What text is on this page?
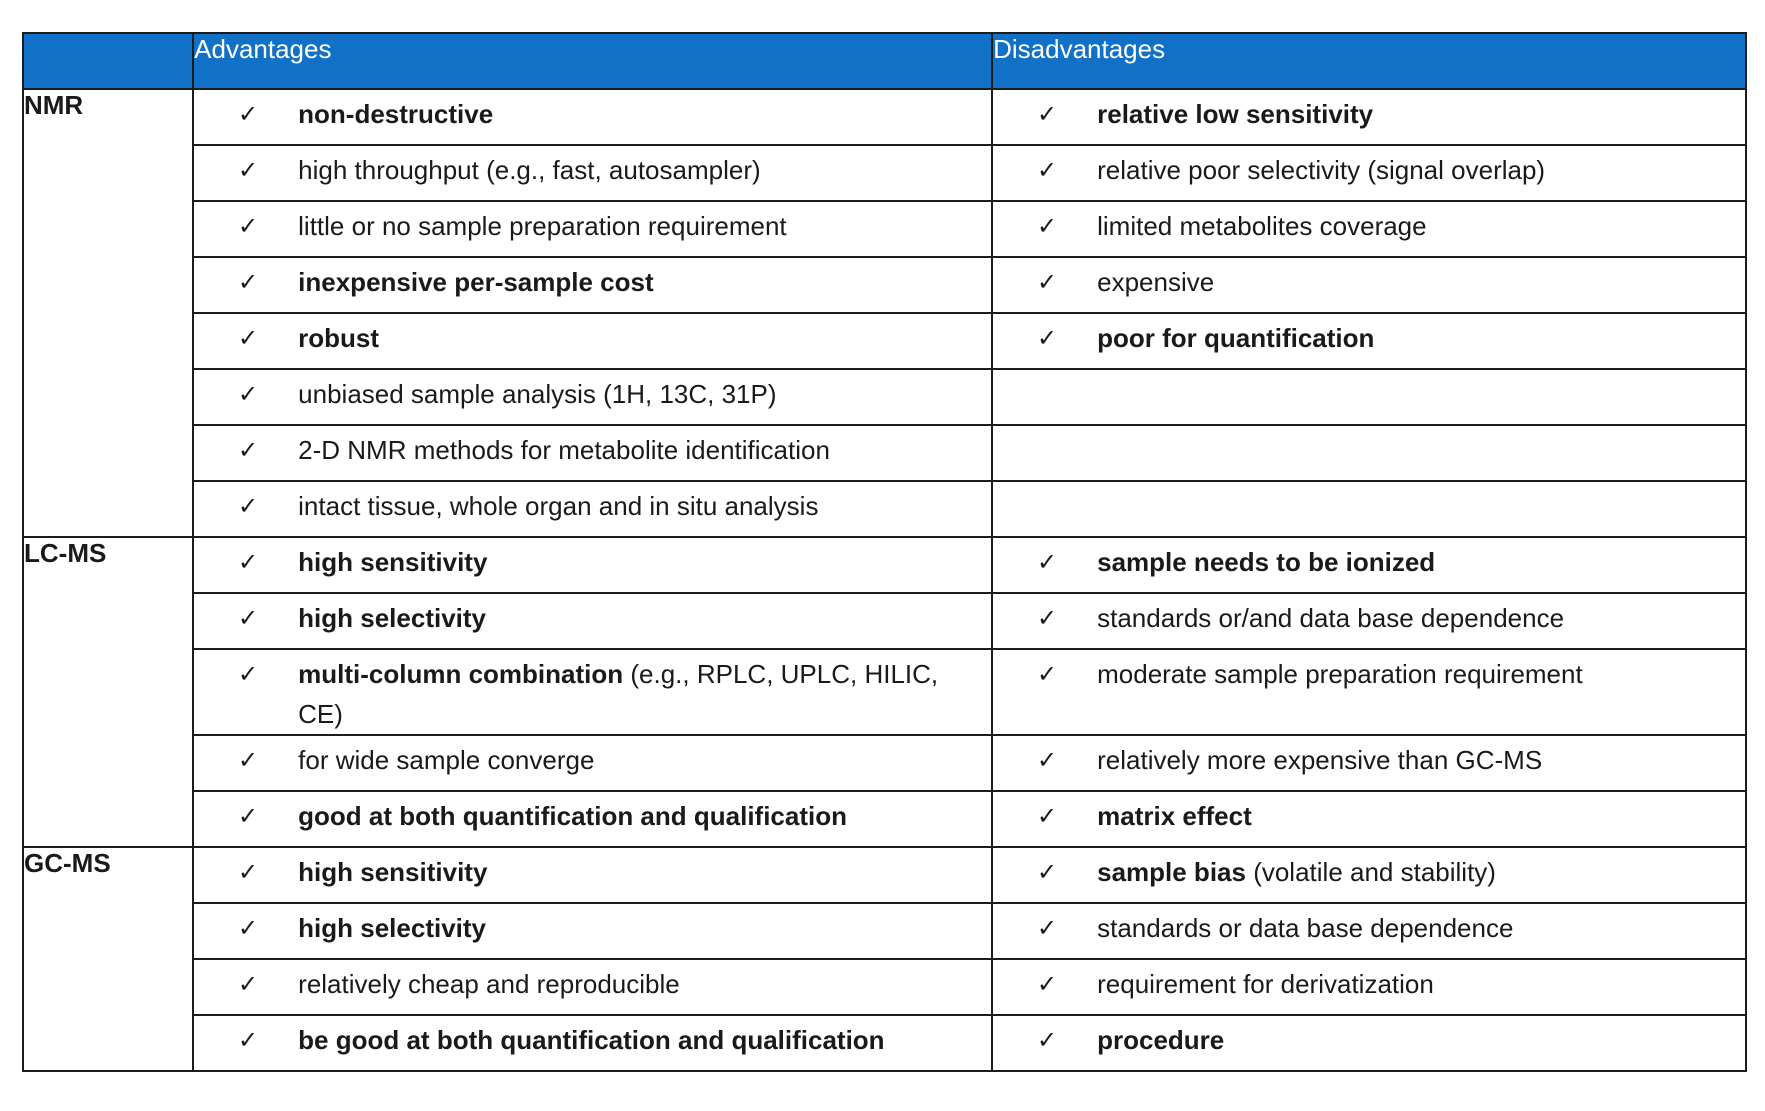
	Advantages	Disadvantages
NMR	✓ non-destructive	✓ relative low sensitivity

	✓ high throughput (e.g., fast, autosampler)	✓ relative poor selectivity (signal overlap)

	✓ little or no sample preparation requirement	✓ limited metabolites coverage

	✓ inexpensive per-sample cost	✓ expensive

	✓ robust	✓ poor for quantification

	✓ unbiased sample analysis (1H, 13C, 31P)	

	✓ 2-D NMR methods for metabolite identification	

	✓ intact tissue, whole organ and in situ analysis	

LC-MS	✓ high sensitivity	✓ sample needs to be ionized

	✓ high selectivity	✓ standards or/and data base dependence

	✓ multi-column combination (e.g., RPLC, UPLC, HILIC, CE)	✓ moderate sample preparation requirement

	✓ for wide sample converge	✓ relatively more expensive than GC-MS

	✓ good at both quantification and qualification	✓ matrix effect

GC-MS	✓ high sensitivity	✓ sample bias (volatile and stability)

	✓ high selectivity	✓ standards or data base dependence

	✓ relatively cheap and reproducible	✓ requirement for derivatization

	✓ be good at both quantification and qualification	✓ procedure
